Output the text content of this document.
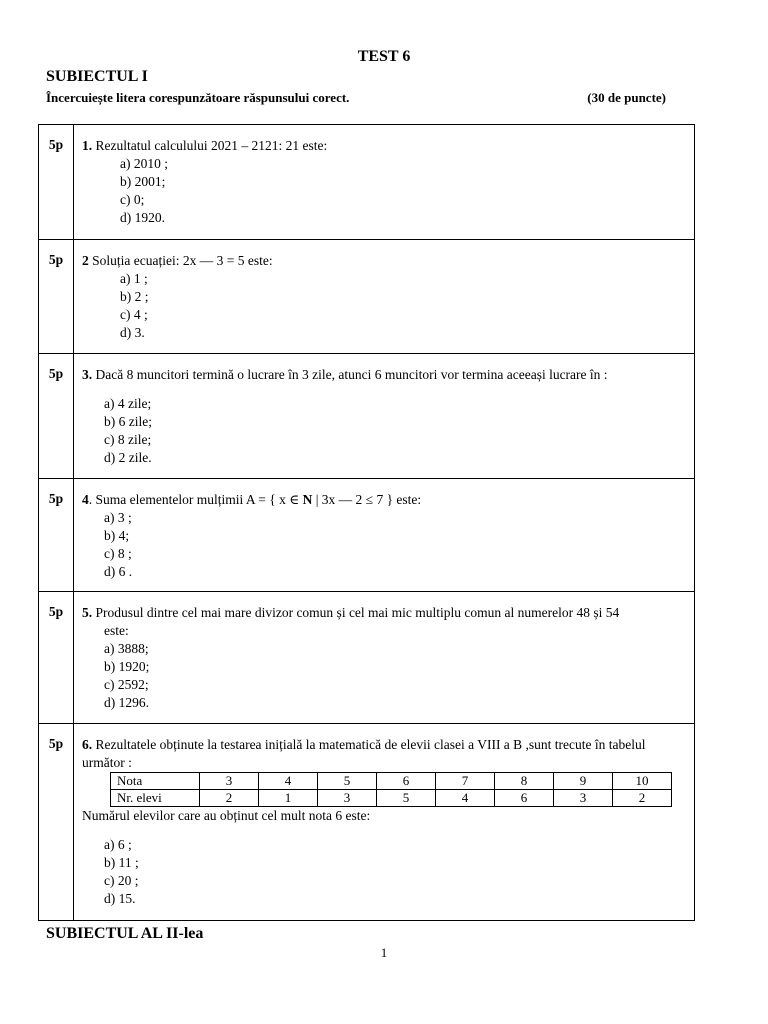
TEST 6
SUBIECTUL I
Încercuiește litera corespunzătoare răspunsului corect.	(30 de puncte)
5p	1. Rezultatul calculului 2021 – 2121: 21 este:
a) 2010 ;
b) 2001;
c) 0;
d) 1920.

5p	2 Soluția ecuației: 2x — 3 = 5 este:
a) 1 ;
b) 2 ;
c) 4 ;
d) 3.

5p	3. Dacă 8 muncitori termină o lucrare în 3 zile, atunci 6 muncitori vor termina aceeași lucrare în :
a) 4 zile;
b) 6 zile;
c) 8 zile;
d) 2 zile.

5p	4. Suma elementelor mulțimii A = { x ∈ N | 3x — 2 ≤ 7 } este:
a) 3 ;
b) 4;
c) 8 ;
d) 6 .

5p	5. Produsul dintre cel mai mare divizor comun și cel mai mic multiplu comun al numerelor 48 și 54
este:
a) 3888;
b) 1920;
c) 2592;
d) 1296.

5p	6. Rezultatele obținute la testarea inițială la matematică de elevii clasei a VIII a B ,sunt trecute în tabelul următor :
Nota	3	4	5	6	7	8	9	10
Nr. elevi	2	1	3	5	4	6	3	2
Numărul elevilor care au obținut cel mult nota 6 este:
a) 6 ;
b) 11 ;
c) 20 ;
d) 15.
SUBIECTUL AL II-lea
1
